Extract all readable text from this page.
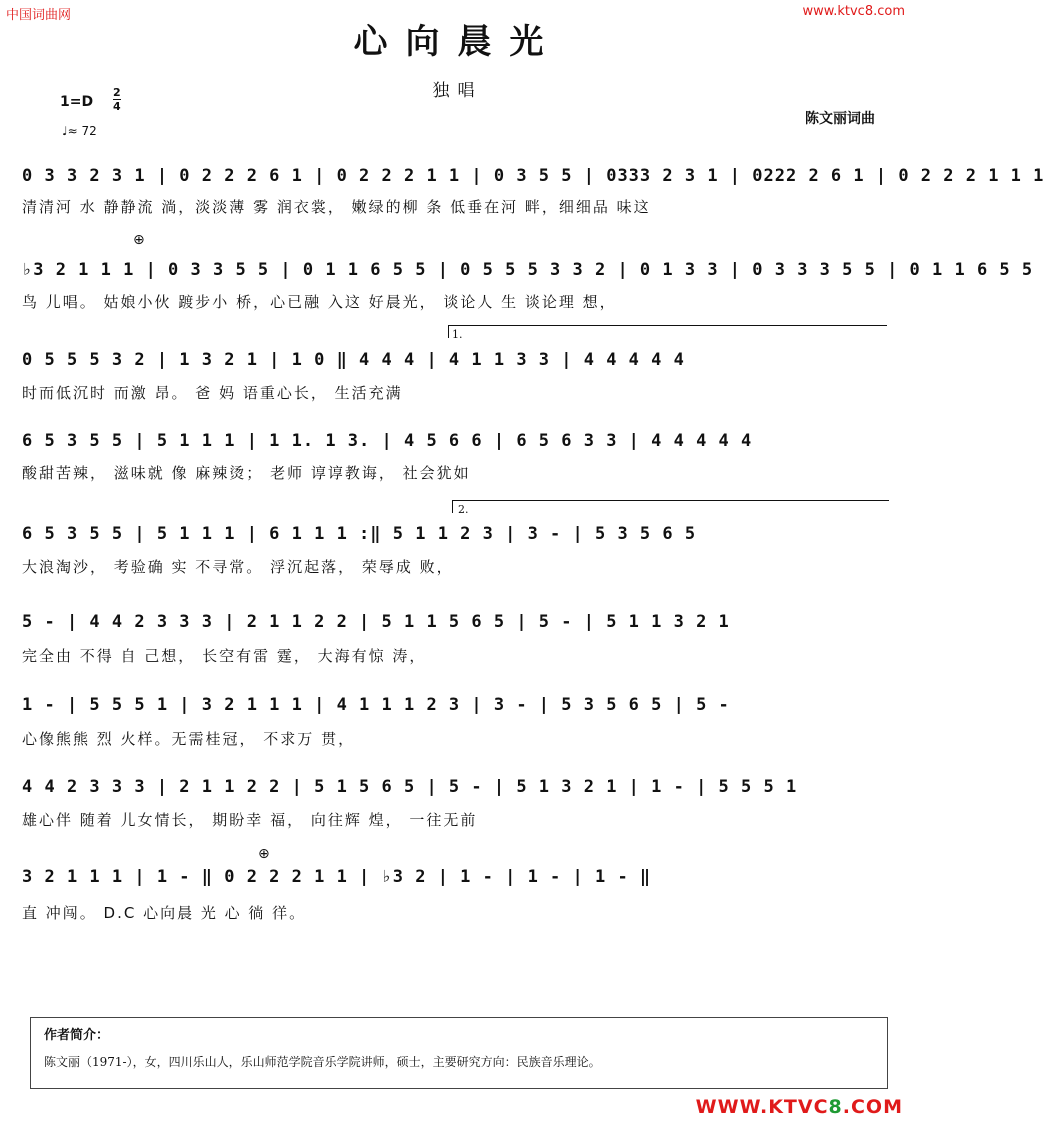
中国词曲网	www.ktvc8.com
心向晨光
独唱
1=D
2
4
♩≈ 72
陈文丽词曲
0 3 3 2 3 1 | 0 2 2 2 6 1 | 0 2 2 2 1 1 | 0 3 5 5 | 0333 2 3 1 | 0222 2 6 1 | 0 2 2 2 1 1 1
清清河 水 静静流 淌，淡淡薄 雾 润衣裳， 嫩绿的柳 条 低垂在河 畔，细细品 味这
⊕
♭3 2 1 1 1 | 0 3 3 5 5 | 0 1 1 6 5 5 | 0 5 5 5 3 3 2 | 0 1 3 3 | 0 3 3 3 5 5 | 0 1 1 6 5 5
鸟 儿唱。 姑娘小伙 踱步小 桥，心已融 入这 好晨光， 谈论人 生 谈论理 想，
1.
0 5 5 5 3 2 | 1 3 2 1 | 1 0 ‖ 4 4 4 | 4 1 1 3 3 | 4 4 4 4 4
时而低沉时 而激 昂。 爸 妈 语重心长， 生活充满
6 5 3 5 5 | 5 1 1 1 | 1 1. 1 3. | 4 5 6 6 | 6 5 6 3 3 | 4 4 4 4 4
酸甜苦辣， 滋味就 像 麻辣烫； 老师 谆谆教诲， 社会犹如
2.
6 5 3 5 5 | 5 1 1 1 | 6 1 1 1 :‖ 5 1 1 2 3 | 3 - | 5 3 5 6 5
大浪淘沙， 考验确 实 不寻常。 浮沉起落， 荣辱成 败，
5 - | 4 4 2 3 3 3 | 2 1 1 2 2 | 5 1 1 5 6 5 | 5 - | 5 1 1 3 2 1
完全由 不得 自 己想， 长空有雷 霆， 大海有惊 涛，
1 - | 5 5 5 1 | 3 2 1 1 1 | 4 1 1 1 2 3 | 3 - | 5 3 5 6 5 | 5 -
心像熊熊 烈 火样。无需桂冠， 不求万 贯，
4 4 2 3 3 3 | 2 1 1 2 2 | 5 1 5 6 5 | 5 - | 5 1 3 2 1 | 1 - | 5 5 5 1
雄心伴 随着 儿女情长， 期盼幸 福， 向往辉 煌， 一往无前
⊕
3 2 1 1 1 | 1 - ‖ 0 2 2 2 1 1 | ♭3 2 | 1 - | 1 - | 1 - ‖
直 冲闯。 D.C 心向晨 光 心 徜 徉。
作者简介：
陈文丽（1971-），女，四川乐山人，乐山师范学院音乐学院讲师，硕士，主要研究方向：民族音乐理论。
WWW.KTVC8.COM
